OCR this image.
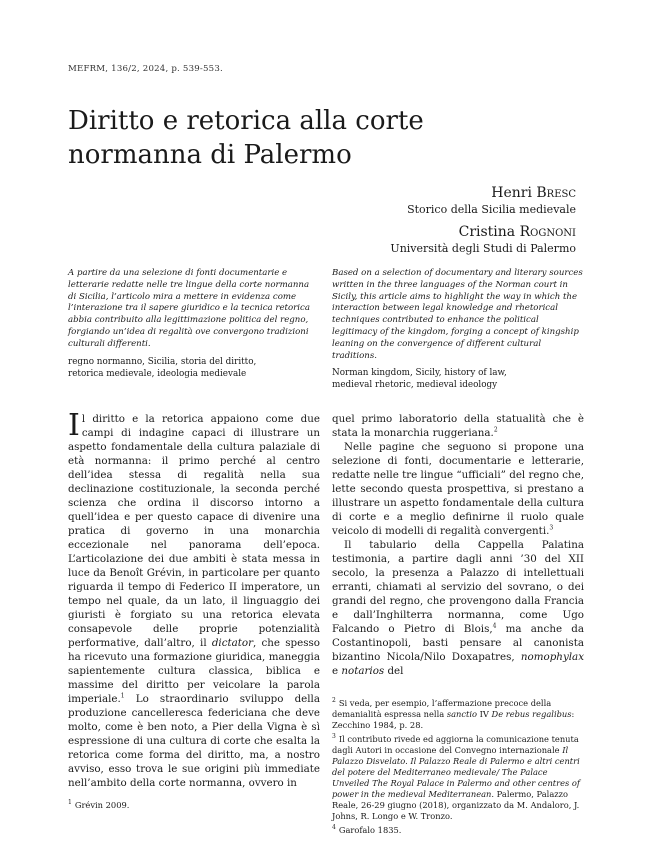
MEFRM, 136/2, 2024, p. 539-553.
Diritto e retorica alla corte
normanna di Palermo
Henri Bresc
Storico della Sicilia medievale
Cristina Rognoni
Università degli Studi di Palermo

A partire da una selezione di fonti documentarie e letterarie redatte nelle tre lingue della corte normanna di Sicilia, l’articolo mira a mettere in evidenza come l’interazione tra il sapere giuridico e la tecnica retorica abbia contribuito alla legittimazione politica del regno, forgiando un’idea di regalità ove convergono tradizioni culturali differenti.

regno normanno, Sicilia, storia del diritto,
retorica medievale, ideologia medievale

Based on a selection of documentary and literary sources written in the three languages of the Norman court in Sicily, this article aims to highlight the way in which the interaction between legal knowledge and rhetorical techniques contributed to enhance the political legitimacy of the kingdom, forging a concept of kingship leaning on the convergence of different cultural traditions.

Norman kingdom, Sicily, history of law,
medieval rhetoric, medieval ideology

Il diritto e la retorica appaiono come due campi di indagine capaci di illustrare un aspetto fondamentale della cultura palaziale di età normanna: il primo perché al centro dell’idea stessa di regalità nella sua declinazione costituzionale, la seconda perché scienza che ordina il discorso intorno a quell’idea e per questo capace di divenire una pratica di governo in una monarchia eccezionale nel panorama dell’epoca. L’articolazione dei due ambiti è stata messa in luce da Benoît Grévin, in particolare per quanto riguarda il tempo di Federico II imperatore, un tempo nel quale, da un lato, il linguaggio dei giuristi è forgiato su una retorica elevata consapevole delle proprie potenzialità performative, dall’altro, il dictator, che spesso ha ricevuto una formazione giuridica, maneggia sapientemente cultura classica, biblica e massime del diritto per veicolare la parola imperiale.$^1$ Lo straordinario sviluppo della produzione cancelleresca federiciana che deve molto, come è ben noto, a Pier della Vigna è sì espressione di una cultura di corte che esalta la retorica come forma del diritto, ma, a nostro avviso, esso trova le sue origini più immediate nell’ambito della corte normanna, ovvero in

quel primo laboratorio della statualità che è stata la monarchia ruggeriana.$^2$

Nelle pagine che seguono si propone una selezione di fonti, documentarie e letterarie, redatte nelle tre lingue “ufficiali” del regno che, lette secondo questa prospettiva, si prestano a illustrare un aspetto fondamentale della cultura di corte e a meglio definirne il ruolo quale veicolo di modelli di regalità convergenti.$^3$

Il tabulario della Cappella Palatina testimonia, a partire dagli anni ’30 del XII secolo, la presenza a Palazzo di intellettuali erranti, chiamati al servizio del sovrano, o dei grandi del regno, che provengono dalla Francia e dall’Inghilterra normanna, come Ugo Falcando o Pietro di Blois,$^4$ ma anche da Costantinopoli, basti pensare al canonista bizantino Nicola/Nilo Doxapatres, nomophylax e notarios del

$^2$ Si veda, per esempio, l’affermazione precoce della demanialità espressa nella sanctio IV De rebus regalibus: Zecchino 1984, p. 28.

$^3$ Il contributo rivede ed aggiorna la comunicazione tenuta dagli Autori in occasione del Convegno internazionale Il Palazzo Disvelato. Il Palazzo Reale di Palermo e altri centri del potere del Mediterraneo medievale/ The Palace Unveiled The Royal Palace in Palermo and other centres of power in the medieval Mediterranean. Palermo, Palazzo Reale, 26-29 giugno (2018), organizzato da M. Andaloro, J. Johns, R. Longo e W. Tronzo.

$^4$ Garofalo 1835.

$^1$ Grévin 2009.
